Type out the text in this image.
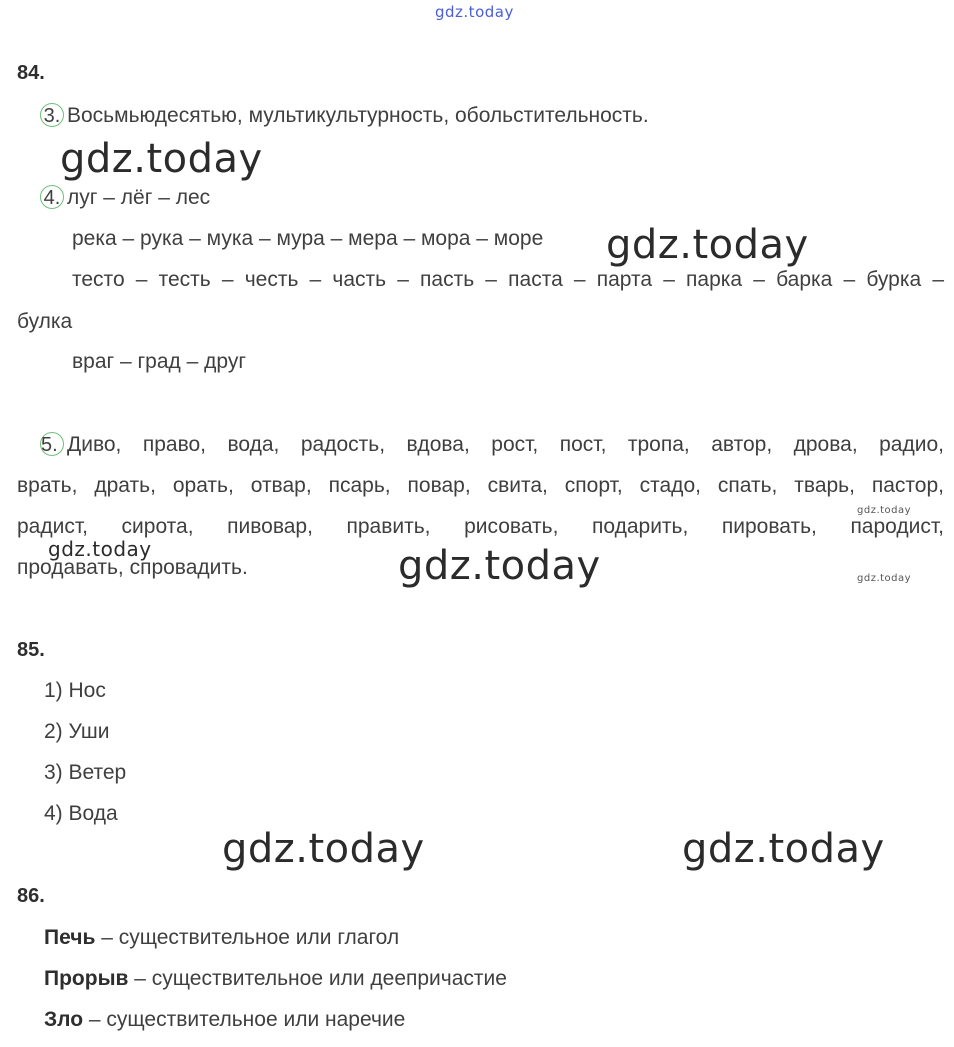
gdz.today
84.
3. Восьмьюдесятью, мультикультурность, обольстительность.
gdz.today
4. луг – лёг – лес
река – рука – мука – мура – мера – мора – море gdz.today
тесто – тесть – честь – часть – пасть – паста – парта – парка – барка – бурка –
булка
враг – град – друг
5. Диво, право, вода, радость, вдова, рост, пост, тропа, автор, дрова, радио,
врать, драть, орать, отвар, псарь, повар, свита, спорт, стадо, спать, тварь, пастор,
радист, сирота, пивовар, править, рисовать, подарить, пировать, пародист,
продавать, спровадить.
gdz.today
gdz.today	gdz.today	gdz.today
85.
1) Нос
2) Уши
3) Ветер
4) Вода
gdz.today	gdz.today
86.
Печь – существительное или глагол
Прорыв – существительное или деепричастие
Зло – существительное или наречие
